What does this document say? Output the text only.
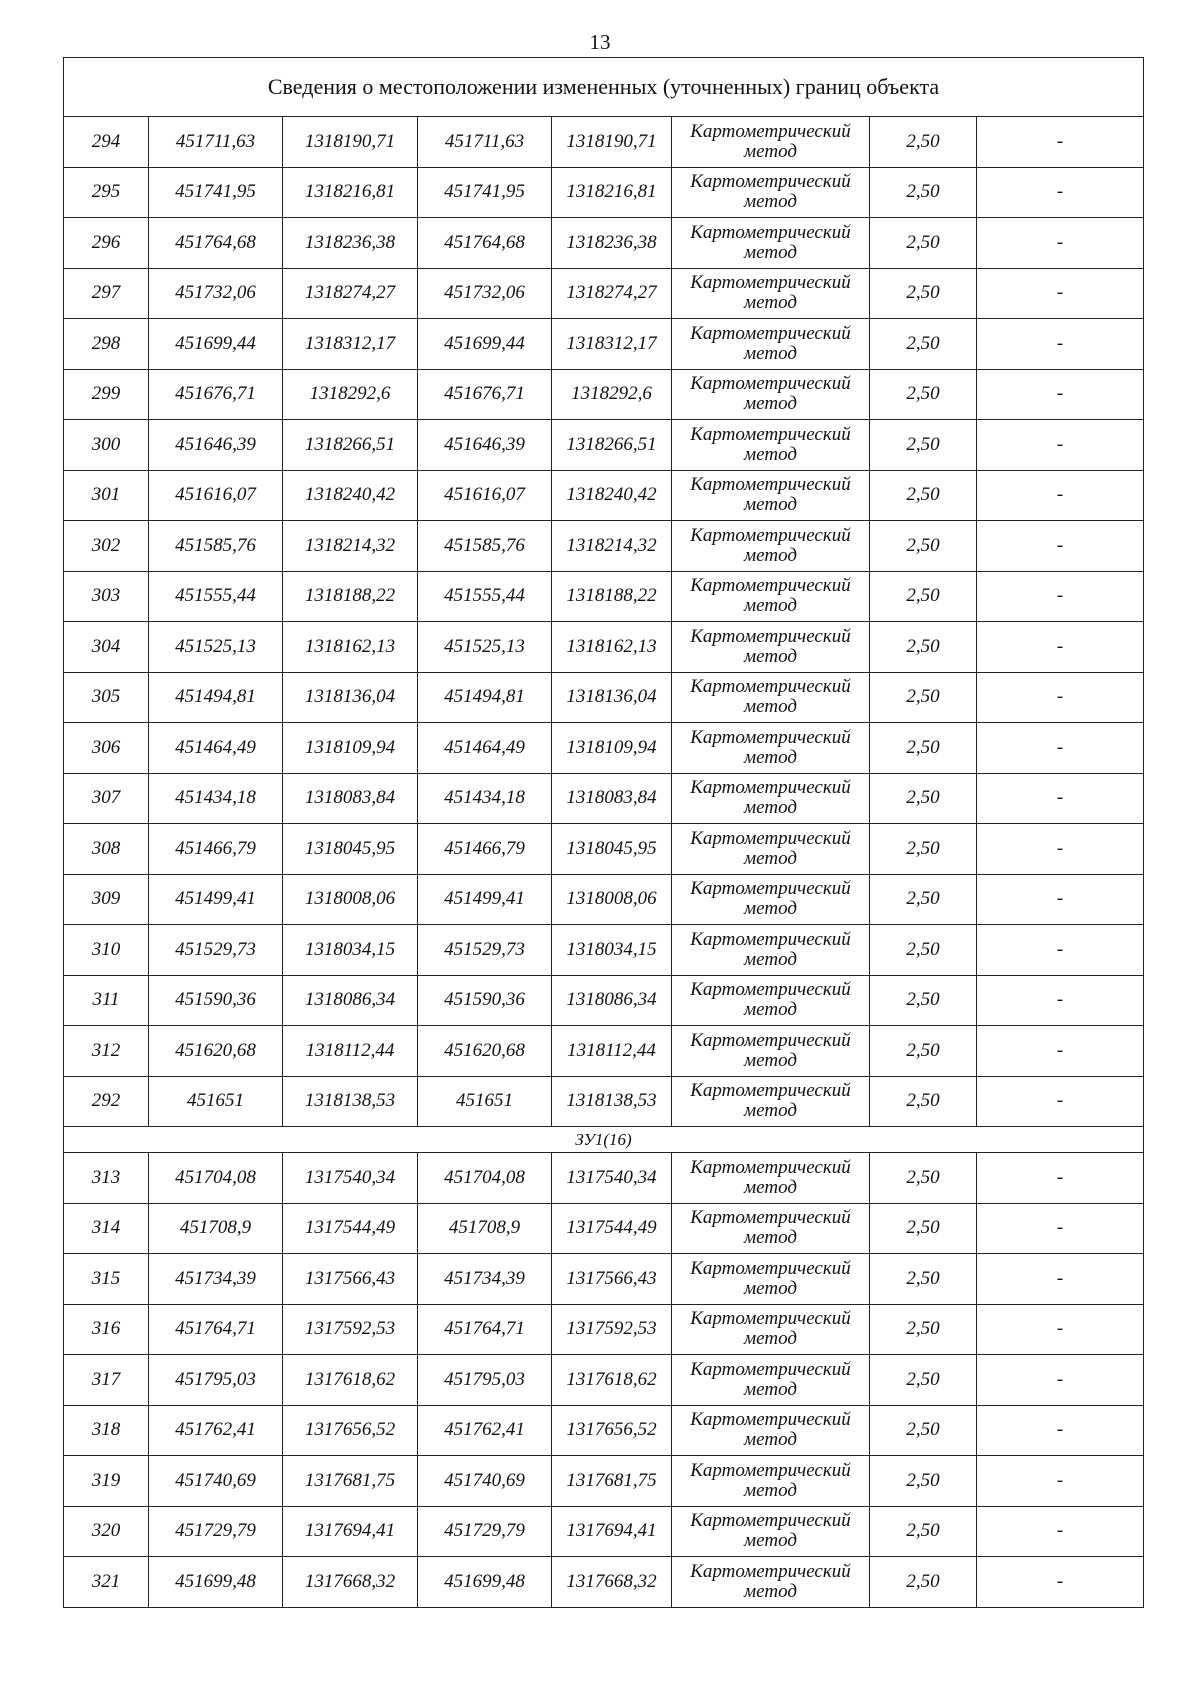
13
Сведения о местоположении измененных (уточненных) границ объекта							
294	451711,63	1318190,71	451711,63	1318190,71	Картометрический
метод	2,50	-
295	451741,95	1318216,81	451741,95	1318216,81	Картометрический
метод	2,50	-
296	451764,68	1318236,38	451764,68	1318236,38	Картометрический
метод	2,50	-
297	451732,06	1318274,27	451732,06	1318274,27	Картометрический
метод	2,50	-
298	451699,44	1318312,17	451699,44	1318312,17	Картометрический
метод	2,50	-
299	451676,71	1318292,6	451676,71	1318292,6	Картометрический
метод	2,50	-
300	451646,39	1318266,51	451646,39	1318266,51	Картометрический
метод	2,50	-
301	451616,07	1318240,42	451616,07	1318240,42	Картометрический
метод	2,50	-
302	451585,76	1318214,32	451585,76	1318214,32	Картометрический
метод	2,50	-
303	451555,44	1318188,22	451555,44	1318188,22	Картометрический
метод	2,50	-
304	451525,13	1318162,13	451525,13	1318162,13	Картометрический
метод	2,50	-
305	451494,81	1318136,04	451494,81	1318136,04	Картометрический
метод	2,50	-
306	451464,49	1318109,94	451464,49	1318109,94	Картометрический
метод	2,50	-
307	451434,18	1318083,84	451434,18	1318083,84	Картометрический
метод	2,50	-
308	451466,79	1318045,95	451466,79	1318045,95	Картометрический
метод	2,50	-
309	451499,41	1318008,06	451499,41	1318008,06	Картометрический
метод	2,50	-
310	451529,73	1318034,15	451529,73	1318034,15	Картометрический
метод	2,50	-
311	451590,36	1318086,34	451590,36	1318086,34	Картометрический
метод	2,50	-
312	451620,68	1318112,44	451620,68	1318112,44	Картометрический
метод	2,50	-
292	451651	1318138,53	451651	1318138,53	Картометрический
метод	2,50	-
ЗУ1(16)							
313	451704,08	1317540,34	451704,08	1317540,34	Картометрический
метод	2,50	-
314	451708,9	1317544,49	451708,9	1317544,49	Картометрический
метод	2,50	-
315	451734,39	1317566,43	451734,39	1317566,43	Картометрический
метод	2,50	-
316	451764,71	1317592,53	451764,71	1317592,53	Картометрический
метод	2,50	-
317	451795,03	1317618,62	451795,03	1317618,62	Картометрический
метод	2,50	-
318	451762,41	1317656,52	451762,41	1317656,52	Картометрический
метод	2,50	-
319	451740,69	1317681,75	451740,69	1317681,75	Картометрический
метод	2,50	-
320	451729,79	1317694,41	451729,79	1317694,41	Картометрический
метод	2,50	-
321	451699,48	1317668,32	451699,48	1317668,32	Картометрический
метод	2,50	-
